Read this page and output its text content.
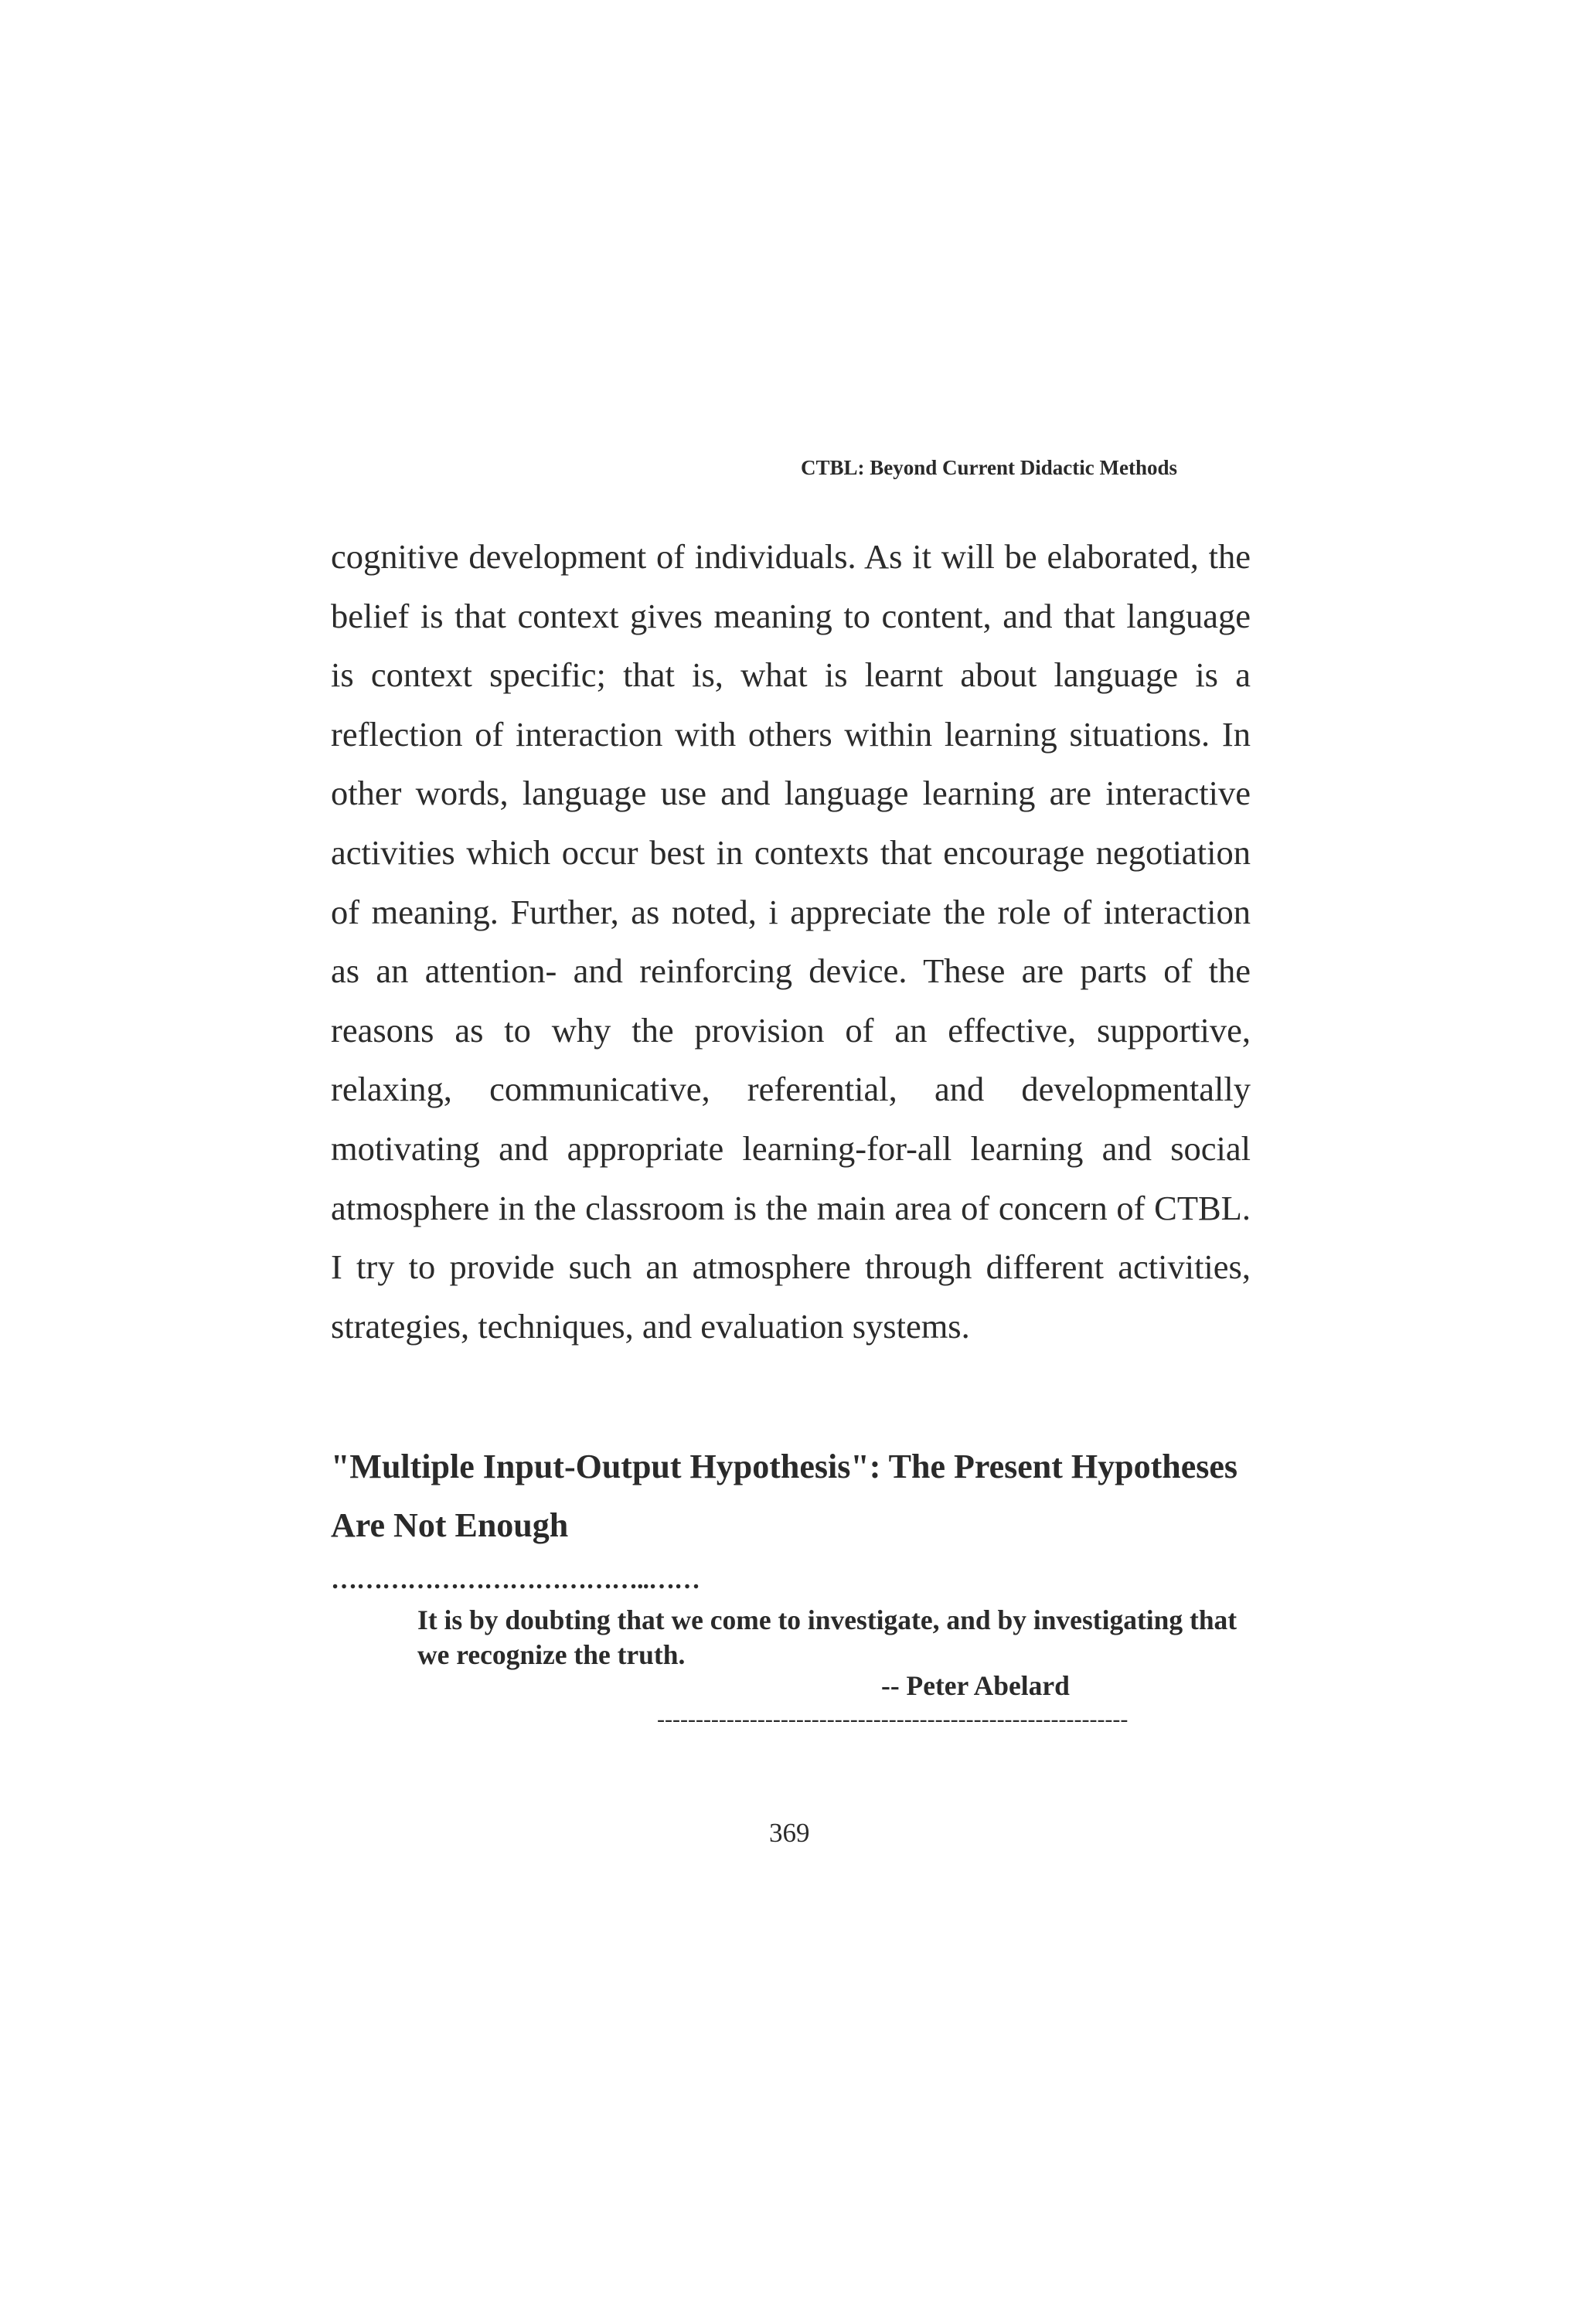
CTBL: Beyond Current Didactic Methods

cognitive development of individuals. As it will be elaborated, the belief is that context gives meaning to content, and that language is context specific; that is, what is learnt about language is a reflection of interaction with others within learning situations. In other words, language use and language learning are interactive activities which occur best in contexts that encourage negotiation of meaning. Further, as noted, i appreciate the role of interaction as an attention- and reinforcing device. These are parts of the reasons as to why the provision of an effective, supportive, relaxing, communicative, referential, and developmentally motivating and appropriate learning-for-all learning and social atmosphere in the classroom is the main area of concern of CTBL. I try to provide such an atmosphere through different activities, strategies, techniques, and evaluation systems.

"Multiple Input-Output Hypothesis": The Present Hypotheses Are Not Enough
………………………………..……

It is by doubting that we come to investigate, and by investigating that we recognize the truth.

-- Peter Abelard
-------------------------------------------------------------
369
